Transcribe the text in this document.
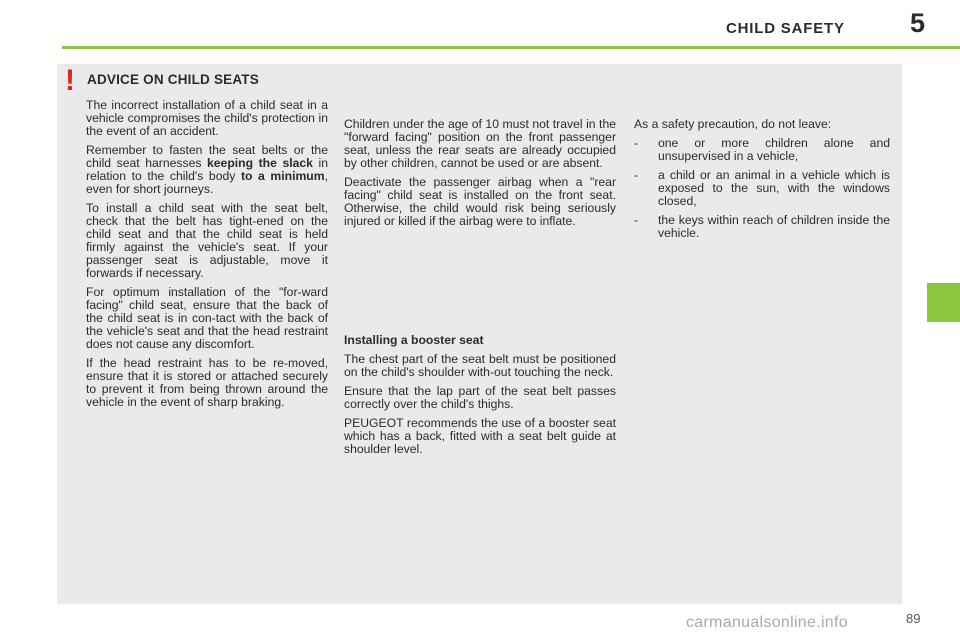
CHILD SAFETY 5
! ADVICE ON CHILD SEATS

The incorrect installation of a child seat in a vehicle compromises the child's protection in the event of an accident.

Remember to fasten the seat belts or the child seat harnesses keeping the slack in relation to the child's body to a minimum, even for short journeys.

To install a child seat with the seat belt, check that the belt has tight-ened on the child seat and that the child seat is held firmly against the vehicle's seat. If your passenger seat is adjustable, move it forwards if necessary.

For optimum installation of the "for-ward facing" child seat, ensure that the back of the child seat is in con-tact with the back of the vehicle's seat and that the head restraint does not cause any discomfort.

If the head restraint has to be re-moved, ensure that it is stored or attached securely to prevent it from being thrown around the vehicle in the event of sharp braking.

Children under the age of 10 must not travel in the "forward facing" position on the front passenger seat, unless the rear seats are already occupied by other children, cannot be used or are absent.

Deactivate the passenger airbag when a "rear facing" child seat is installed on the front seat. Otherwise, the child would risk being seriously injured or killed if the airbag were to inflate.

Installing a booster seat

The chest part of the seat belt must be positioned on the child's shoulder with-out touching the neck.

Ensure that the lap part of the seat belt passes correctly over the child's thighs.

PEUGEOT recommends the use of a booster seat which has a back, fitted with a seat belt guide at shoulder level.

As a safety precaution, do not leave:

-	one or more children alone and unsupervised in a vehicle,
-	a child or an animal in a vehicle which is exposed to the sun, with the windows closed,
-	the keys within reach of children inside the vehicle.
carmanualsonline.info	89
